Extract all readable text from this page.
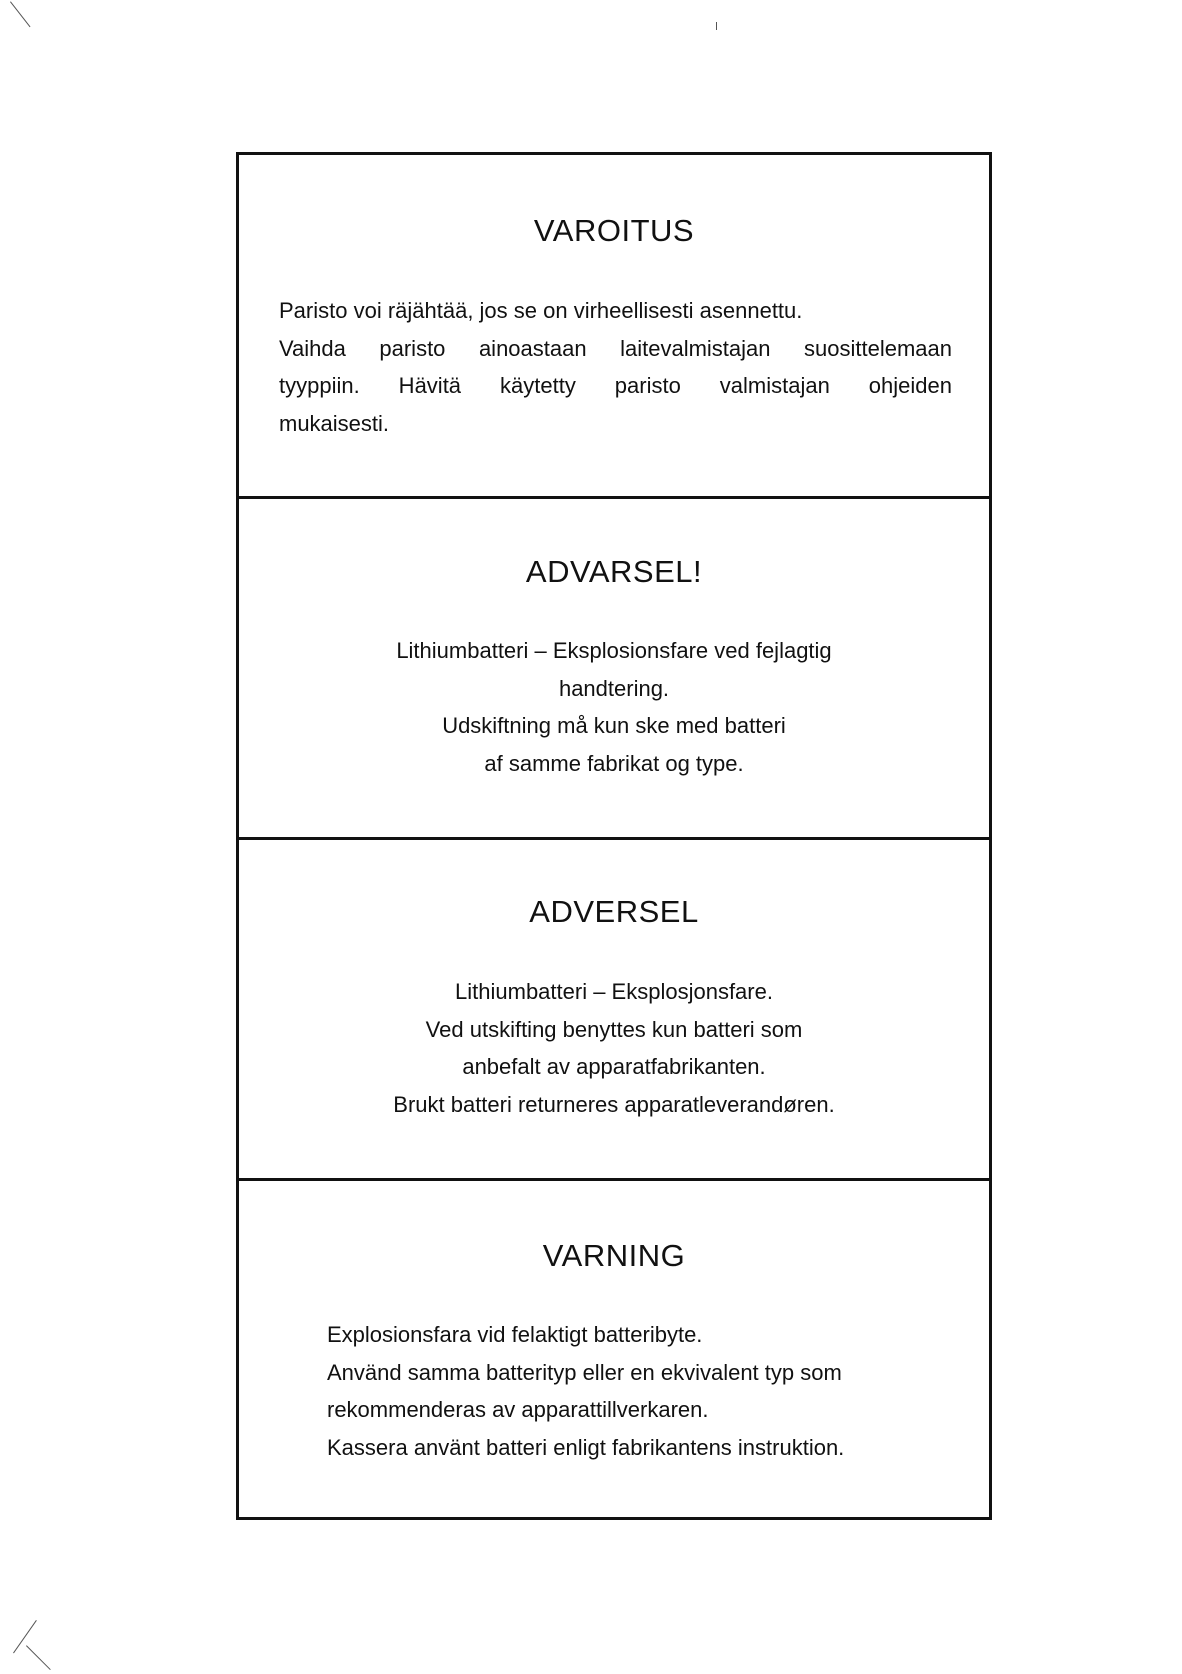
VAROITUS
Paristo voi räjähtää, jos se on virheellisesti asennettu.
Vaihda paristo ainoastaan laitevalmistajan suosittelemaan
tyyppiin. Hävitä käytetty paristo valmistajan ohjeiden
mukaisesti.
ADVARSEL!
Lithiumbatteri – Eksplosionsfare ved fejlagtig
handtering.
Udskiftning må kun ske med batteri
af samme fabrikat og type.
ADVERSEL
Lithiumbatteri – Eksplosjonsfare.
Ved utskifting benyttes kun batteri som
anbefalt av apparatfabrikanten.
Brukt batteri returneres apparatleverandøren.
VARNING
Explosionsfara vid felaktigt batteribyte.
Använd samma batterityp eller en ekvivalent typ som
rekommenderas av apparattillverkaren.
Kassera använt batteri enligt fabrikantens instruktion.
